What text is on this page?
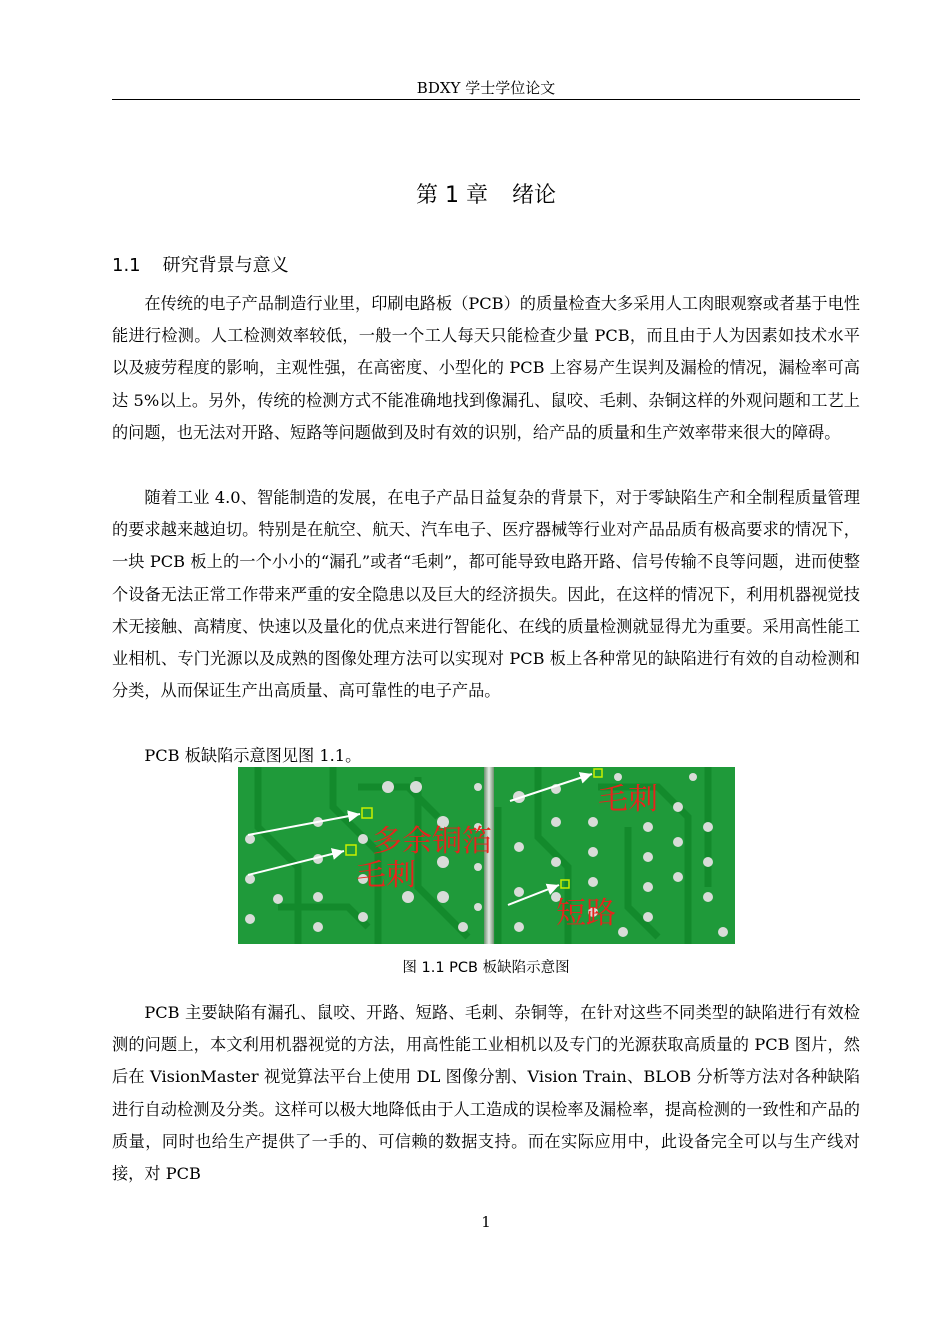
BDXY 学士学位论文
第 1 章 绪论
1.1 研究背景与意义

在传统的电子产品制造行业里，印刷电路板（PCB）的质量检查大多采用人工肉眼观察或者基于电性能进行检测。人工检测效率较低，一般一个工人每天只能检查少量 PCB，而且由于人为因素如技术水平以及疲劳程度的影响，主观性强，在高密度、小型化的 PCB 上容易产生误判及漏检的情况，漏检率可高达 5%以上。另外，传统的检测方式不能准确地找到像漏孔、鼠咬、毛刺、杂铜这样的外观问题和工艺上的问题，也无法对开路、短路等问题做到及时有效的识别，给产品的质量和生产效率带来很大的障碍。

随着工业 4.0、智能制造的发展，在电子产品日益复杂的背景下，对于零缺陷生产和全制程质量管理的要求越来越迫切。特别是在航空、航天、汽车电子、医疗器械等行业对产品品质有极高要求的情况下，一块 PCB 板上的一个小小的“漏孔”或者“毛刺”，都可能导致电路开路、信号传输不良等问题，进而使整个设备无法正常工作带来严重的安全隐患以及巨大的经济损失。因此，在这样的情况下，利用机器视觉技术无接触、高精度、快速以及量化的优点来进行智能化、在线的质量检测就显得尤为重要。采用高性能工业相机、专门光源以及成熟的图像处理方法可以实现对 PCB 板上各种常见的缺陷进行有效的自动检测和分类，从而保证生产出高质量、高可靠性的电子产品。

PCB 板缺陷示意图见图 1.1。

多余铜箔
毛刺
毛刺
短路
图 1.1 PCB 板缺陷示意图

PCB 主要缺陷有漏孔、鼠咬、开路、短路、毛刺、杂铜等，在针对这些不同类型的缺陷进行有效检测的问题上，本文利用机器视觉的方法，用高性能工业相机以及专门的光源获取高质量的 PCB 图片，然后在 VisionMaster 视觉算法平台上使用 DL 图像分割、Vision Train、BLOB 分析等方法对各种缺陷进行自动检测及分类。这样可以极大地降低由于人工造成的误检率及漏检率，提高检测的一致性和产品的质量，同时也给生产提供了一手的、可信赖的数据支持。而在实际应用中，此设备完全可以与生产线对接，对 PCB

1
